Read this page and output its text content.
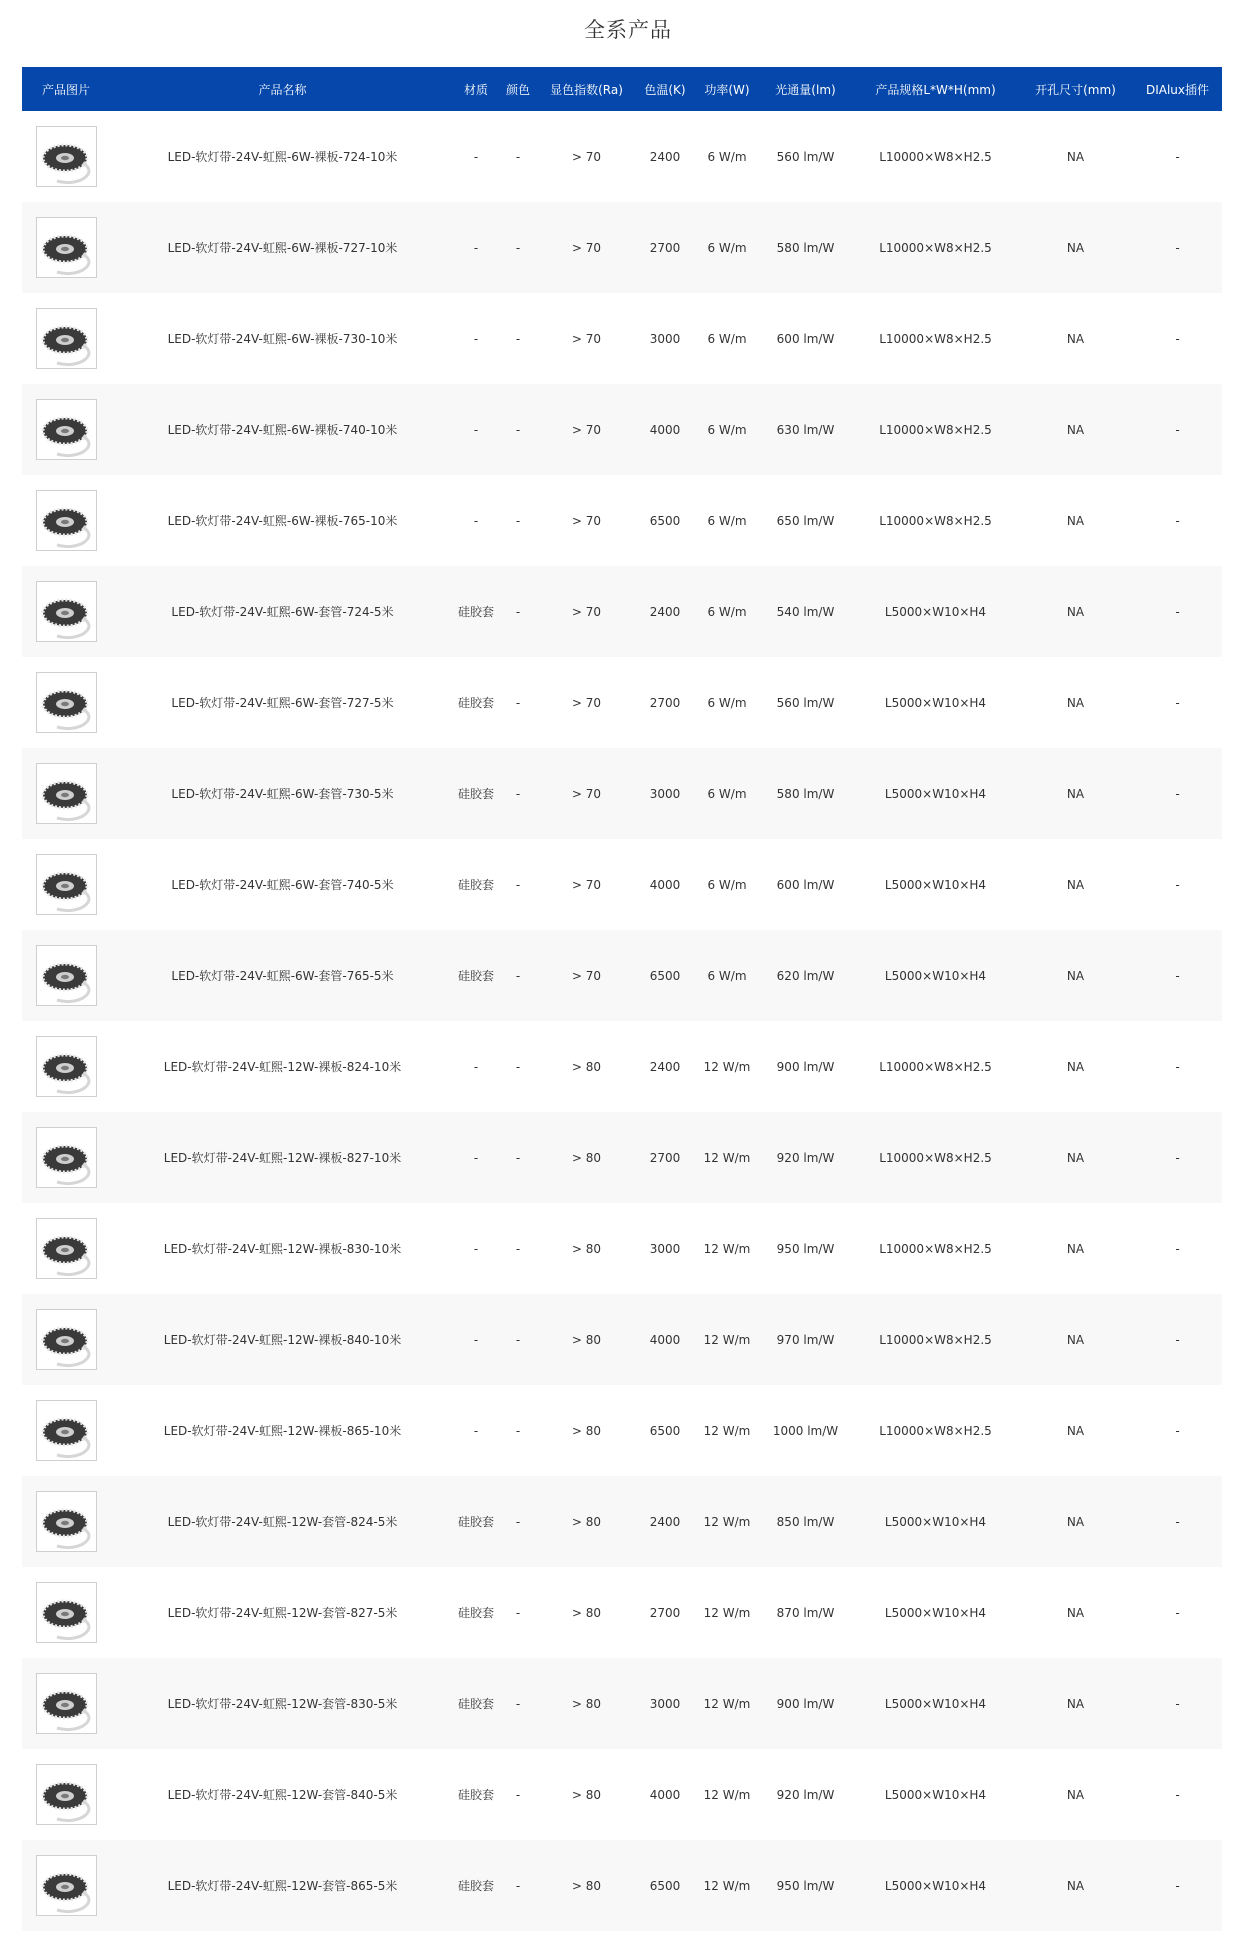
全系产品
产品图片	产品名称	材质	颜色	显色指数(Ra)	色温(K)	功率(W)	光通量(lm)	产品规格L*W*H(mm)	开孔尺寸(mm)	DIAlux插件
LED-软灯带-24V-虹熙-6W-裸板-724-10米	-	-	> 70	2400	6 W/m	560 lm/W	L10000×W8×H2.5	NA	-
LED-软灯带-24V-虹熙-6W-裸板-727-10米	-	-	> 70	2700	6 W/m	580 lm/W	L10000×W8×H2.5	NA	-
LED-软灯带-24V-虹熙-6W-裸板-730-10米	-	-	> 70	3000	6 W/m	600 lm/W	L10000×W8×H2.5	NA	-
LED-软灯带-24V-虹熙-6W-裸板-740-10米	-	-	> 70	4000	6 W/m	630 lm/W	L10000×W8×H2.5	NA	-
LED-软灯带-24V-虹熙-6W-裸板-765-10米	-	-	> 70	6500	6 W/m	650 lm/W	L10000×W8×H2.5	NA	-
LED-软灯带-24V-虹熙-6W-套管-724-5米	硅胶套	-	> 70	2400	6 W/m	540 lm/W	L5000×W10×H4	NA	-
LED-软灯带-24V-虹熙-6W-套管-727-5米	硅胶套	-	> 70	2700	6 W/m	560 lm/W	L5000×W10×H4	NA	-
LED-软灯带-24V-虹熙-6W-套管-730-5米	硅胶套	-	> 70	3000	6 W/m	580 lm/W	L5000×W10×H4	NA	-
LED-软灯带-24V-虹熙-6W-套管-740-5米	硅胶套	-	> 70	4000	6 W/m	600 lm/W	L5000×W10×H4	NA	-
LED-软灯带-24V-虹熙-6W-套管-765-5米	硅胶套	-	> 70	6500	6 W/m	620 lm/W	L5000×W10×H4	NA	-
LED-软灯带-24V-虹熙-12W-裸板-824-10米	-	-	> 80	2400	12 W/m	900 lm/W	L10000×W8×H2.5	NA	-
LED-软灯带-24V-虹熙-12W-裸板-827-10米	-	-	> 80	2700	12 W/m	920 lm/W	L10000×W8×H2.5	NA	-
LED-软灯带-24V-虹熙-12W-裸板-830-10米	-	-	> 80	3000	12 W/m	950 lm/W	L10000×W8×H2.5	NA	-
LED-软灯带-24V-虹熙-12W-裸板-840-10米	-	-	> 80	4000	12 W/m	970 lm/W	L10000×W8×H2.5	NA	-
LED-软灯带-24V-虹熙-12W-裸板-865-10米	-	-	> 80	6500	12 W/m	1000 lm/W	L10000×W8×H2.5	NA	-
LED-软灯带-24V-虹熙-12W-套管-824-5米	硅胶套	-	> 80	2400	12 W/m	850 lm/W	L5000×W10×H4	NA	-
LED-软灯带-24V-虹熙-12W-套管-827-5米	硅胶套	-	> 80	2700	12 W/m	870 lm/W	L5000×W10×H4	NA	-
LED-软灯带-24V-虹熙-12W-套管-830-5米	硅胶套	-	> 80	3000	12 W/m	900 lm/W	L5000×W10×H4	NA	-
LED-软灯带-24V-虹熙-12W-套管-840-5米	硅胶套	-	> 80	4000	12 W/m	920 lm/W	L5000×W10×H4	NA	-
LED-软灯带-24V-虹熙-12W-套管-865-5米	硅胶套	-	> 80	6500	12 W/m	950 lm/W	L5000×W10×H4	NA	-
